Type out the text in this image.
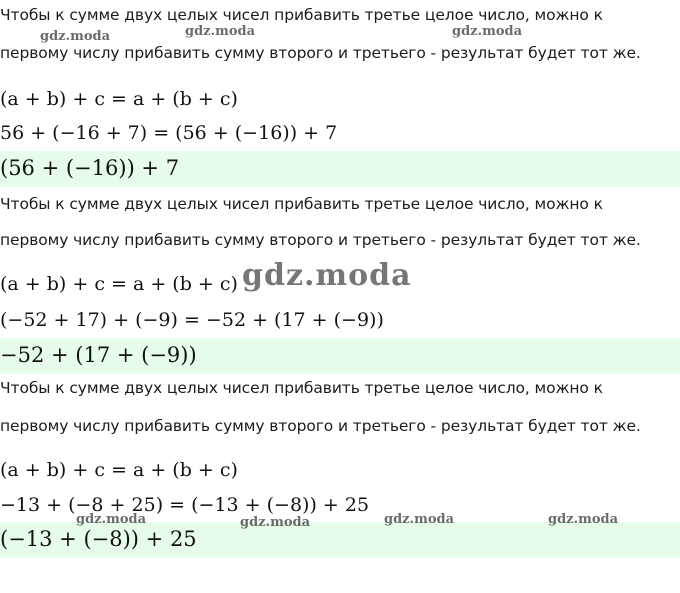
Чтобы к сумме двух целых чисел прибавить третье целое число, можно к
первому числу прибавить сумму второго и третьего - результат будет тот же.
(a + b) + c = a + (b + c)
56 + (−16 + 7) = (56 + (−16)) + 7
(56 + (−16)) + 7
Чтобы к сумме двух целых чисел прибавить третье целое число, можно к
первому числу прибавить сумму второго и третьего - результат будет тот же.
(a + b) + c = a + (b + c)
(−52 + 17) + (−9) = −52 + (17 + (−9))
−52 + (17 + (−9))
Чтобы к сумме двух целых чисел прибавить третье целое число, можно к
первому числу прибавить сумму второго и третьего - результат будет тот же.
(a + b) + c = a + (b + c)
−13 + (−8 + 25) = (−13 + (−8)) + 25
(−13 + (−8)) + 25
gdz.moda	gdz.moda	gdz.moda
gdz.moda
gdz.moda	gdz.moda	gdz.moda	gdz.moda
